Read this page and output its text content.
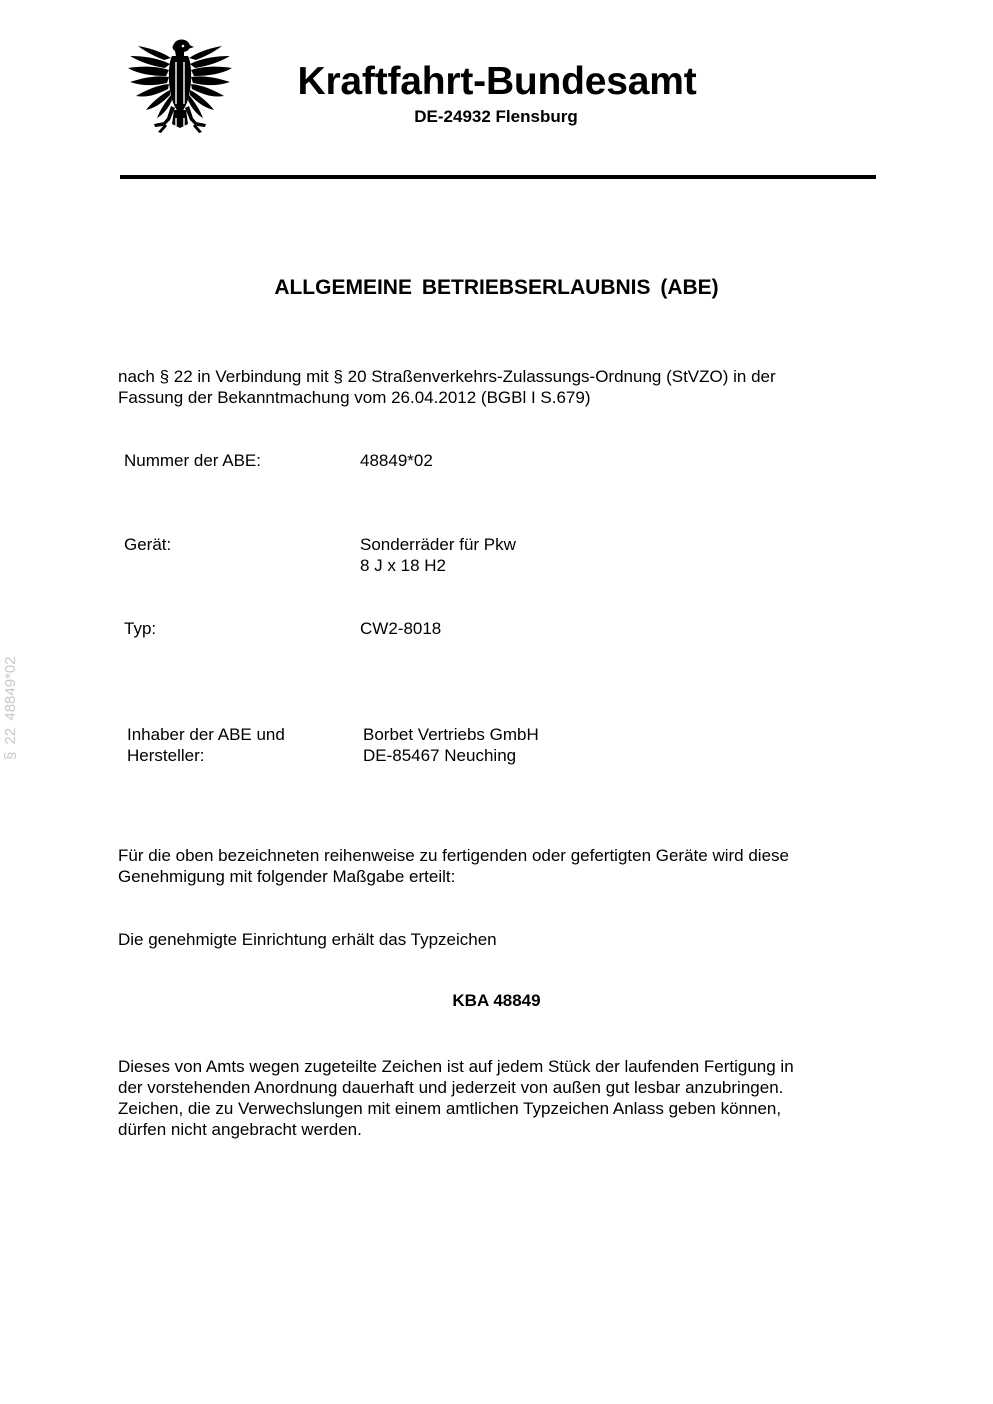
Kraftfahrt-Bundesamt
DE-24932 Flensburg
§ 22 48849*02
ALLGEMEINE BETRIEBSERLAUBNIS (ABE)
nach § 22 in Verbindung mit § 20 Straßenverkehrs-Zulassungs-Ordnung (StVZO) in der
Fassung der Bekanntmachung vom 26.04.2012 (BGBl I S.679)
Nummer der ABE:	48849*02
Gerät:	Sonderräder für Pkw
8 J x 18 H2
Typ:	CW2-8018
Inhaber der ABE und
Hersteller:
Borbet Vertriebs GmbH
DE-85467 Neuching
Für die oben bezeichneten reihenweise zu fertigenden oder gefertigten Geräte wird diese
Genehmigung mit folgender Maßgabe erteilt:
Die genehmigte Einrichtung erhält das Typzeichen
KBA 48849
Dieses von Amts wegen zugeteilte Zeichen ist auf jedem Stück der laufenden Fertigung in
der vorstehenden Anordnung dauerhaft und jederzeit von außen gut lesbar anzubringen.
Zeichen, die zu Verwechslungen mit einem amtlichen Typzeichen Anlass geben können,
dürfen nicht angebracht werden.
